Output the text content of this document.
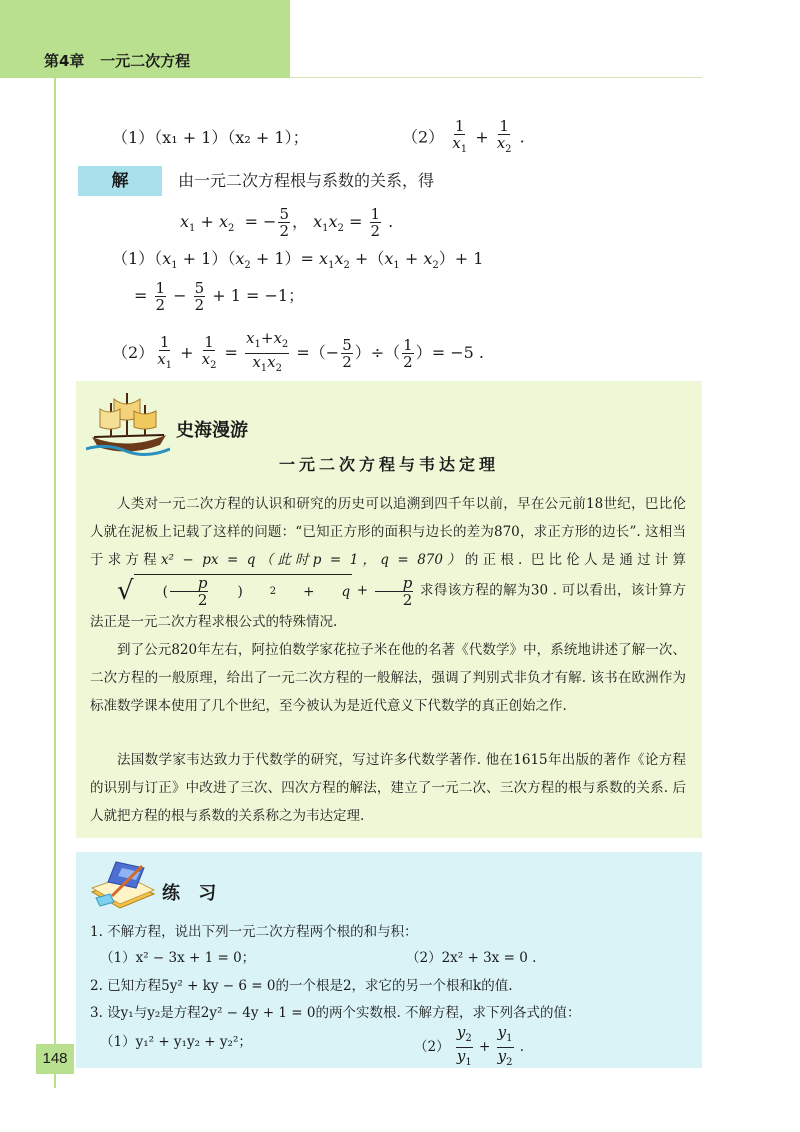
第4章 一元二次方程
（1）（x₁ + 1）（x₂ + 1）；	$(2) \frac{1}{x_1} + \frac{1}{x_2}$ .
解	由一元二次方程根与系数的关系，得
$x_1 + x_2$  = − $\frac{5}{2}$ ， $x_1x_2 = \frac{1}{2}$ .
$(1)(x_1 + 1)(x_2 + 1)= x_1x_2 +(x_1 + x_2)+ 1$
= $\frac{1}{2} - \frac{5}{2} + 1 = -1$；
$(2) \frac{1}{x_1} + \frac{1}{x_2} = \frac{x_1+x_2}{x_1x_2}$ =（− $\frac{5}{2}$ ）÷（ $\frac{1}{2}$ ）= −5 .
史海漫游
一元二次方程与韦达定理

人类对一元二次方程的认识和研究的历史可以追溯到四千年以前，早在公元前18世纪，巴比伦人就在泥板上记载了这样的问题：“已知正方形的面积与边长的差为870，求正方形的边长”. 这相当于求方程x² − px = q（此时p = 1，q = 870）的正根. 巴比伦人是通过计算
√	( $\frac{p}{2}$ )	2 +	$q + \frac{p}{2}$ 求得该方程的解为30 . 可以看出，该计算方法正是一元二次方程求根公式的特殊情况.

到了公元820年左右，阿拉伯数学家花拉子米在他的名著《代数学》中，系统地讲述了解一次、二次方程的一般原理，给出了一元二次方程的一般解法，强调了判别式非负才有解. 该书在欧洲作为标准数学课本使用了几个世纪，至今被认为是近代意义下代数学的真正创始之作.

法国数学家韦达致力于代数学的研究，写过许多代数学著作. 他在1615年出版的著作《论方程的识别与订正》中改进了三次、四次方程的解法，建立了一元二次、三次方程的根与系数的关系. 后人就把方程的根与系数的关系称之为韦达定理.

练 习
1. 不解方程，说出下列一元二次方程两个根的和与积：
（1）x² − 3x + 1 = 0；	（2）2x² + 3x = 0 .
2. 已知方程5y² + ky − 6 = 0的一个根是2，求它的另一个根和k的值.
3. 设y₁与y₂是方程2y² − 4y + 1 = 0的两个实数根. 不解方程，求下列各式的值：
（1）y₁² + y₁y₂ + y₂²；	$(2) \frac{y_2}{y_1} + \frac{y_1}{y_2}$ .
148
